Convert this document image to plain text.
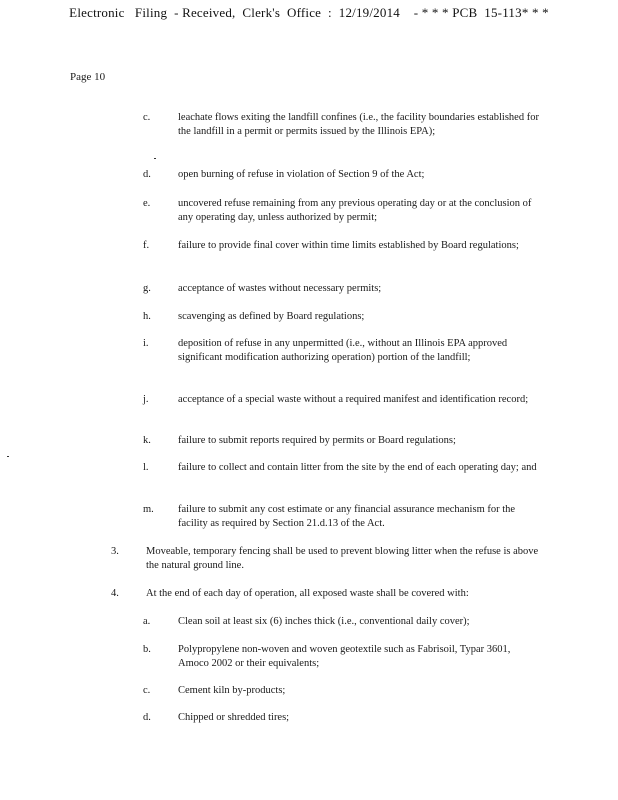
Electronic   Filing  - Received,  Clerk's  Office  :  12/19/2014    - * * * PCB  15-113* * *
Page 10
c.	leachate flows exiting the landfill confines (i.e., the facility boundaries established for the landfill in a permit or permits issued by the Illinois EPA);
d.	open burning of refuse in violation of Section 9 of the Act;
e.	uncovered refuse remaining from any previous operating day or at the conclusion of any operating day, unless authorized by permit;
f.	failure to provide final cover within time limits established by Board regulations;
g.	acceptance of wastes without necessary permits;
h.	scavenging as defined by Board regulations;
i.	deposition of refuse in any unpermitted (i.e., without an Illinois EPA approved significant modification authorizing operation) portion of the landfill;
j.	acceptance of a special waste without a required manifest and identification record;
k.	failure to submit reports required by permits or Board regulations;
l.	failure to collect and contain litter from the site by the end of each operating day; and
m. failure to submit any cost estimate or any financial assurance mechanism for the facility as required by Section 21.d.13 of the Act.
3.	Moveable, temporary fencing shall be used to prevent blowing litter when the refuse is above the natural ground line.
4.	At the end of each day of operation, all exposed waste shall be covered with:
a.	Clean soil at least six (6) inches thick (i.e., conventional daily cover);
b.	Polypropylene non-woven and woven geotextile such as Fabrisoil, Typar 3601, Amoco 2002 or their equivalents;
c.	Cement kiln by-products;
d.	Chipped or shredded tires;
